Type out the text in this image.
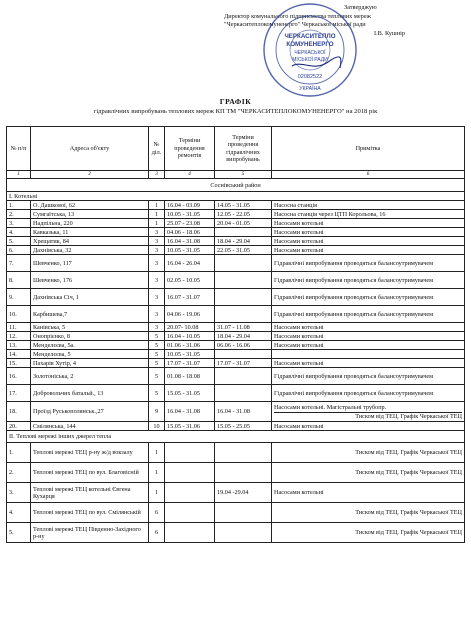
Затверджую
Директор комунального підприємства теплових мереж
"Черкаситеплокомуненерго" Черкаської міської ради
І.В. Кушнір
ЧЕРКАСИТЕПЛО
КОМУНЕНЕРГО
ЧЕРКАСЬКОЇ
МІСЬКОЇ РАДИ
02082522
УКРАЇНА
ГРАФІК
гідравлічних випробувань теплових мереж КП ТМ "ЧЕРКАСИТЕПЛОКОМУНЕНЕРГО" на 2018 рік
№ п/п	Адреса об'єкту	№ діл.	Терміни проведення ремонтів	Терміни проведення гідравлічних випробувань	Примітка
1	2	3	4	5	6
Соснівський район					
І. Котельні					
1.	О. Дашкової, 62	1	16.04 - 03.09	14.05 - 31.05	Насосна станція

2.	Сумгаїтська, 13	1	10.05 - 31.05	12.05 - 22.05	Насосна станція через ЦТП Корольова, 16

3.	Надпільна, 220	1	25.07 - 23.08	20.04 - 01.05	Насосами котельні

4.	Кавказька, 11	3	04.06 - 18.06		Насосами котельні

5.	Хрещатик, 84	3	16.04 - 31.08	18.04 - 29.04	Насосами котельні

6.	Дахнівська, 32	3	10.05 - 31.05	22.05 - 31.05	Насосами котельні

7.	Шевченко, 117	3	16.04 - 26.04		Гідравлічні випробування проводяться балансоутримувачем

8.	Шевченко, 176	3	02.05 - 10.05		Гідравлічні випробування проводяться балансоутримувачем

9.	Дахнівська Січ, 1	3	16.07 - 31.07		Гідравлічні випробування проводяться балансоутримувачем

10.	Карбишева,7	3	04.06 - 19.06		Гідравлічні випробування проводяться балансоутримувачем

11.	Канівська, 5	3	20.07- 10.08	31.07 - 11.08	Насосами котельні

12.	Онопрієнко, 8	5	16.04 - 10.05	18.04 - 29.04	Насосами котельні

13.	Менделєєва, 5а.	5	01.06 - 31.06	06.06 - 16.06	Насосами котельні

14.	Менделєєва, 5	5	10.05 - 31.05		

15.	Пахарів Хутір, 4	5	17.07 - 31.07	17.07 - 31.07	Насосами котельні

16.	Золотоніська, 2	5	01.08 - 18.08		Гідравлічні випробування проводяться балансоутримувачем

17.	Добровольчих батальй., 13	5	15.05 - 31.05		Гідравлічні випробування проводяться балансоутримувачем

18.	Проїзд Руськополянськ.,27	9	16.04 - 31.08	16.04 - 31.08	Насосами котельні. Магістральні трубопр.
Тиском від ТЕЦ. Графік Черкаської ТЕЦ

20.	Смілянська, 144	10	15.05 - 31.06	15.05 - 25.05	Насосами котельні

ІІ. Теплові мережі інших джерел тепла					
1.	Теплові мережі ТЕЦ р-ну ж/д вокзалу	1			Тиском від ТЕЦ. Графік Черкаської ТЕЦ
2.	Теплові мережі ТЕЦ по вул. Благовісній	1			Тиском від ТЕЦ. Графік Черкаської ТЕЦ
3.	Теплові мережі ТЕЦ котельні Євгена Кухарця	1		19.04 -29.04	Насосами котельні
4.	Теплові мережі ТЕЦ по вул. Смілянській	6			Тиском від ТЕЦ. Графік Черкаської ТЕЦ
5.	Теплові мережі ТЕЦ Південно-Західного р-ну	6			Тиском від ТЕЦ. Графік Черкаської ТЕЦ
